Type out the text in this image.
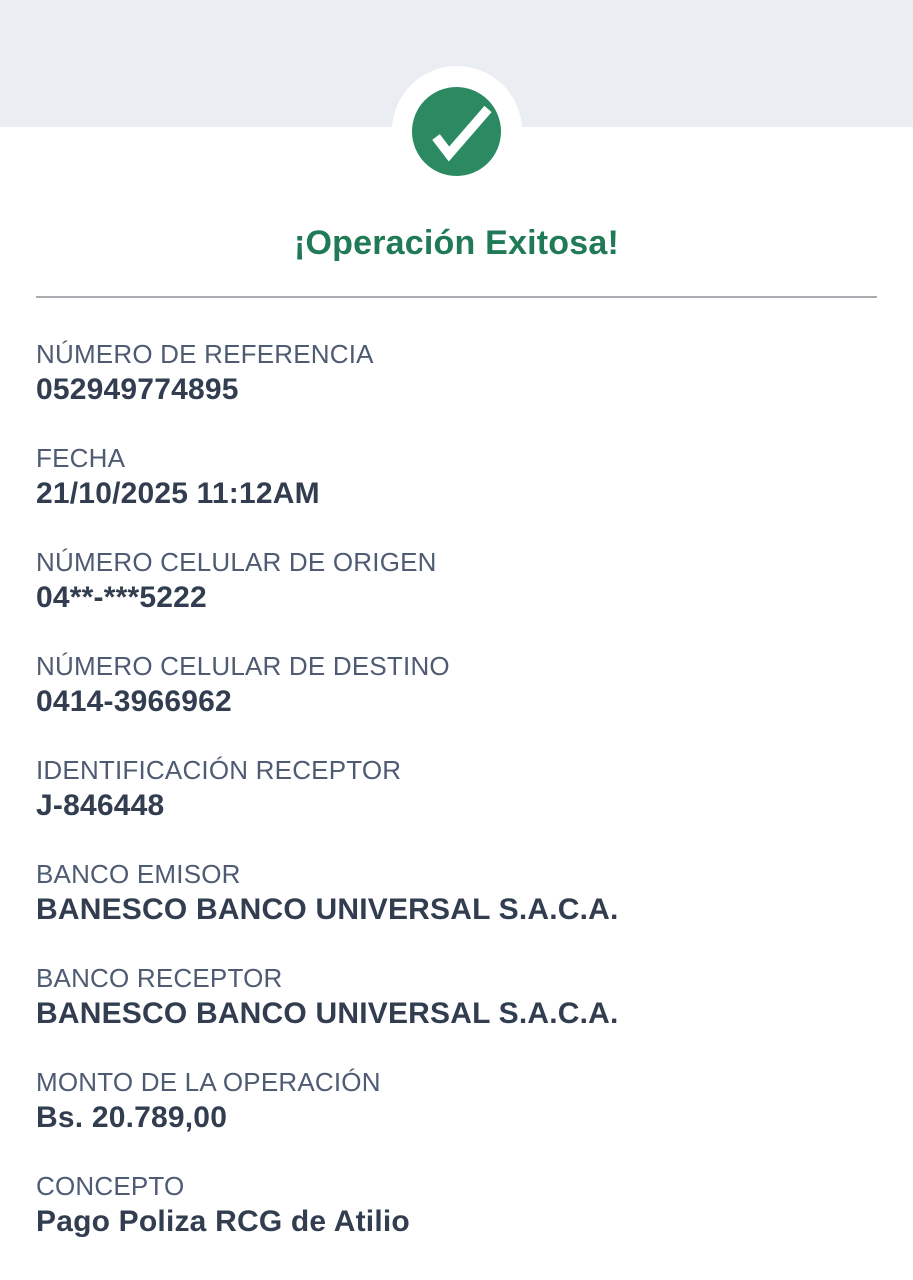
¡Operación Exitosa!
NÚMERO DE REFERENCIA
052949774895
FECHA
21/10/2025 11:12AM
NÚMERO CELULAR DE ORIGEN
04**-***5222
NÚMERO CELULAR DE DESTINO
0414-3966962
IDENTIFICACIÓN RECEPTOR
J-846448
BANCO EMISOR
BANESCO BANCO UNIVERSAL S.A.C.A.
BANCO RECEPTOR
BANESCO BANCO UNIVERSAL S.A.C.A.
MONTO DE LA OPERACIÓN
Bs. 20.789,00
CONCEPTO
Pago Poliza RCG de Atilio
